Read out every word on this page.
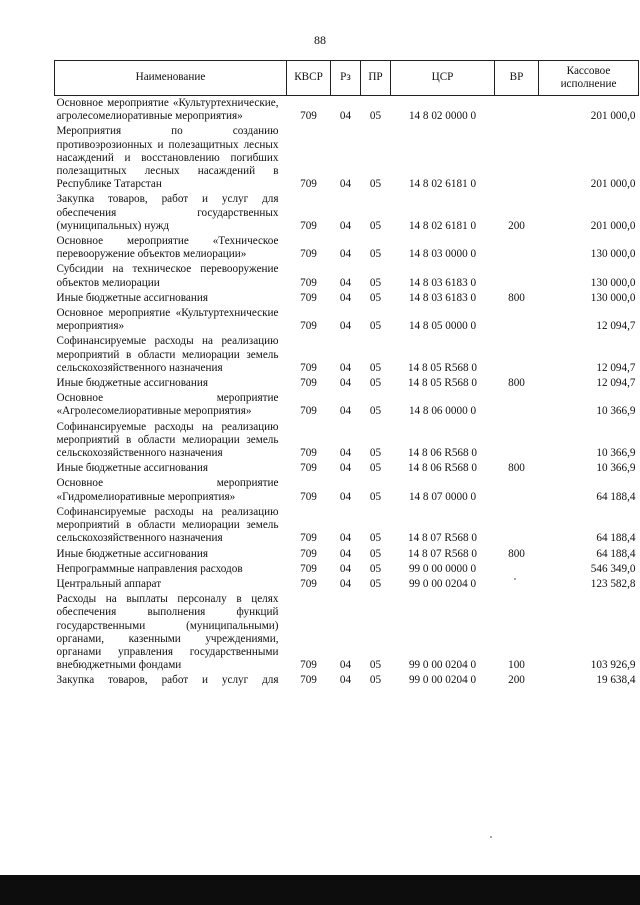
88
Наименование	КВСР	Рз	ПР	ЦСР	ВР	Кассовое исполнение
Основное мероприятие «Культуртехнические, агролесомелиоративные мероприятия»	709	04	05	14 8 02 0000 0		201 000,0
Мероприятия по созданию противоэрозионных и полезащитных лесных насаждений и восстановлению погибших полезащитных лесных насаждений в Республике Татарстан	709	04	05	14 8 02 6181 0		201 000,0
Закупка товаров, работ и услуг для обеспечения государственных (муниципальных) нужд	709	04	05	14 8 02 6181 0	200	201 000,0
Основное мероприятие «Техническое перевооружение объектов мелиорации»	709	04	05	14 8 03 0000 0		130 000,0
Субсидии на техническое перевооружение объектов мелиорации	709	04	05	14 8 03 6183 0		130 000,0
Иные бюджетные ассигнования	709	04	05	14 8 03 6183 0	800	130 000,0
Основное мероприятие «Культуртехнические мероприятия»	709	04	05	14 8 05 0000 0		12 094,7
Софинансируемые расходы на реализацию мероприятий в области мелиорации земель сельскохозяйственного назначения	709	04	05	14 8 05 R568 0		12 094,7
Иные бюджетные ассигнования	709	04	05	14 8 05 R568 0	800	12 094,7
Основное мероприятие «Агролесомелиоративные мероприятия»	709	04	05	14 8 06 0000 0		10 366,9
Софинансируемые расходы на реализацию мероприятий в области мелиорации земель сельскохозяйственного назначения	709	04	05	14 8 06 R568 0		10 366,9
Иные бюджетные ассигнования	709	04	05	14 8 06 R568 0	800	10 366,9
Основное мероприятие «Гидромелиоративные мероприятия»	709	04	05	14 8 07 0000 0		64 188,4
Софинансируемые расходы на реализацию мероприятий в области мелиорации земель сельскохозяйственного назначения	709	04	05	14 8 07 R568 0		64 188,4
Иные бюджетные ассигнования	709	04	05	14 8 07 R568 0	800	64 188,4
Непрограммные направления расходов	709	04	05	99 0 00 0000 0		546 349,0
Центральный аппарат	709	04	05	99 0 00 0204 0		123 582,8
Расходы на выплаты персоналу в целях обеспечения выполнения функций государственными (муниципальными) органами, казенными учреждениями, органами управления государственными внебюджетными фондами	709	04	05	99 0 00 0204 0	100	103 926,9
Закупка товаров, работ и услуг для	709	04	05	99 0 00 0204 0	200	19 638,4
